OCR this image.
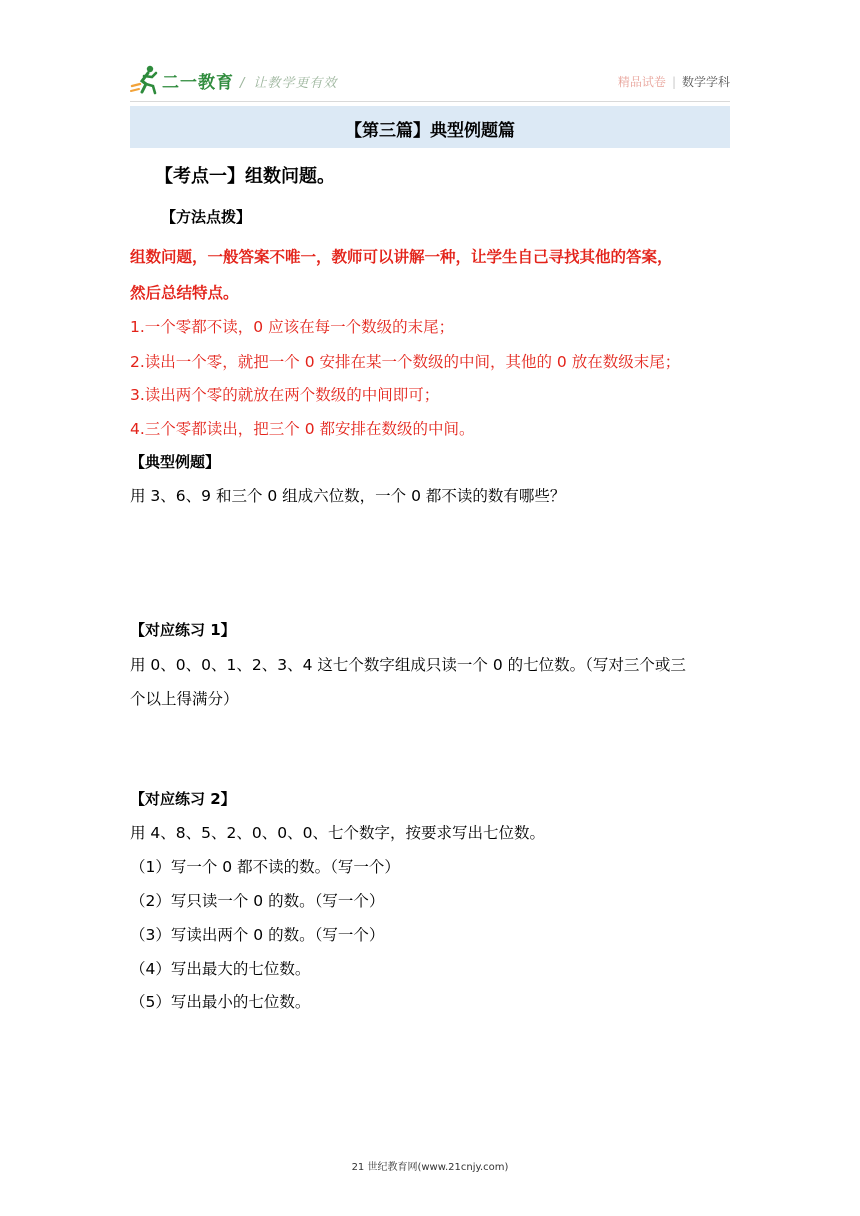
二一教育 / 让教学更有效	精品试卷 | 数学学科
【第三篇】典型例题篇
【考点一】组数问题。
【方法点拨】
组数问题，一般答案不唯一，教师可以讲解一种，让学生自己寻找其他的答案，
然后总结特点。
1.一个零都不读，0 应该在每一个数级的末尾；
2.读出一个零，就把一个 0 安排在某一个数级的中间，其他的 0 放在数级末尾；
3.读出两个零的就放在两个数级的中间即可；
4.三个零都读出，把三个 0 都安排在数级的中间。
【典型例题】
用 3、6、9 和三个 0 组成六位数，一个 0 都不读的数有哪些？
【对应练习 1】
用 0、0、0、1、2、3、4 这七个数字组成只读一个 0 的七位数。（写对三个或三
个以上得满分）
【对应练习 2】
用 4、8、5、2、0、0、0、七个数字，按要求写出七位数。
（1）写一个 0 都不读的数。（写一个）
（2）写只读一个 0 的数。（写一个）
（3）写读出两个 0 的数。（写一个）
（4）写出最大的七位数。
（5）写出最小的七位数。
21 世纪教育网(www.21cnjy.com)
